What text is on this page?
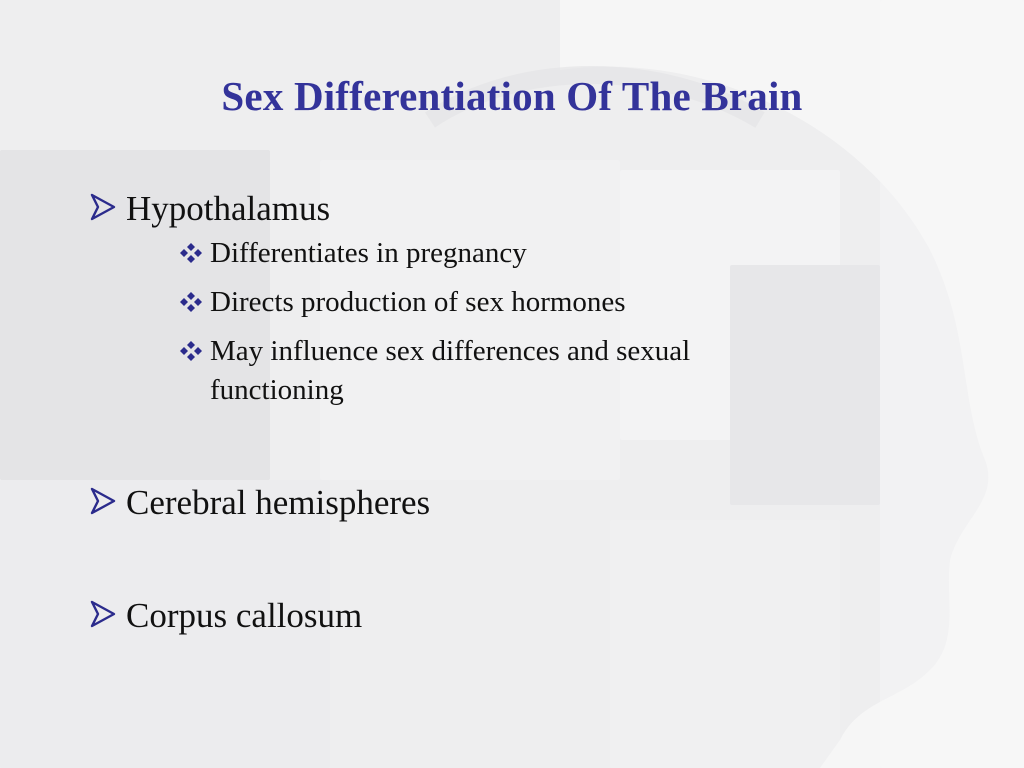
Sex Differentiation Of The Brain
Hypothalamus
Differentiates in pregnancy
Directs production of sex hormones
May influence sex differences and sexual functioning
Cerebral hemispheres
Corpus callosum
